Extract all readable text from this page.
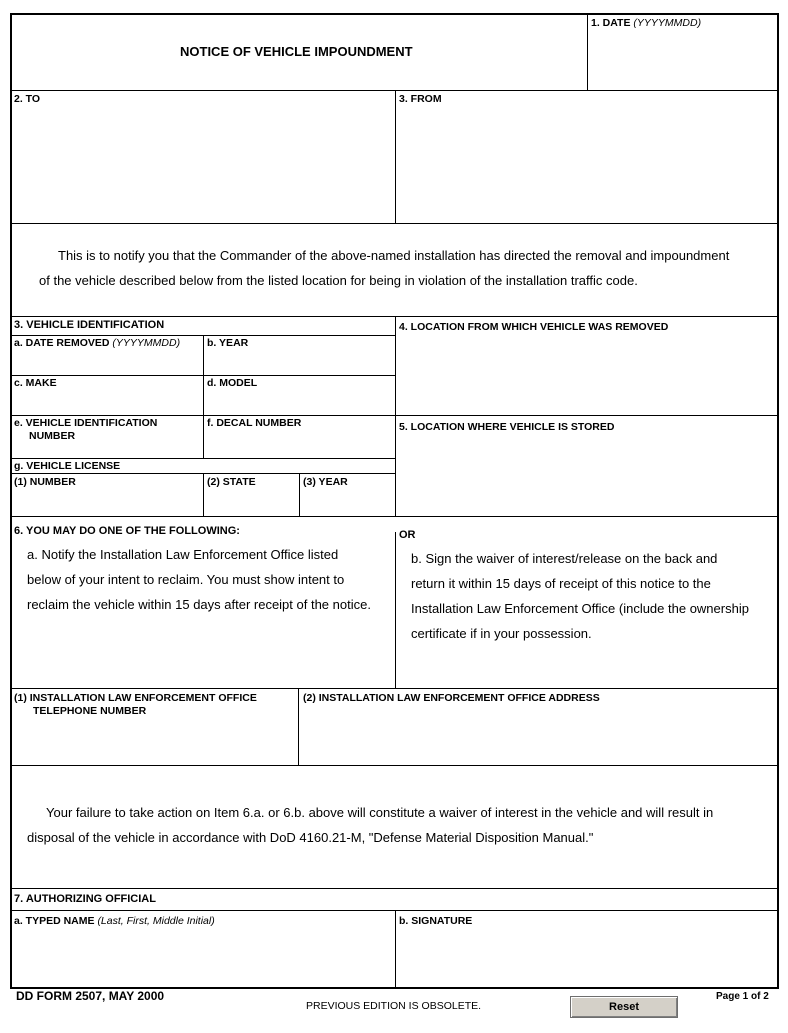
NOTICE OF VEHICLE IMPOUNDMENT
1. DATE (YYYYMMDD)
2. TO	3. FROM
This is to notify you that the Commander of the above-named installation has directed the removal and impoundment
of the vehicle described below from the listed location for being in violation of the installation traffic code.
3. VEHICLE IDENTIFICATION
a. DATE REMOVED (YYYYMMDD)	b. YEAR
c. MAKE	d. MODEL
e. VEHICLE IDENTIFICATION
NUMBER
f. DECAL NUMBER
g. VEHICLE LICENSE
(1) NUMBER	(2) STATE	(3) YEAR
4. LOCATION FROM WHICH VEHICLE WAS REMOVED
5. LOCATION WHERE VEHICLE IS STORED
6. YOU MAY DO ONE OF THE FOLLOWING:
a. Notify the Installation Law Enforcement Office listed
below of your intent to reclaim. You must show intent to
reclaim the vehicle within 15 days after receipt of the notice.
OR
b. Sign the waiver of interest/release on the back and
return it within 15 days of receipt of this notice to the
Installation Law Enforcement Office (include the ownership
certificate if in your possession.
(1) INSTALLATION LAW ENFORCEMENT OFFICE
TELEPHONE NUMBER
(2) INSTALLATION LAW ENFORCEMENT OFFICE ADDRESS
Your failure to take action on Item 6.a. or 6.b. above will constitute a waiver of interest in the vehicle and will result in
disposal of the vehicle in accordance with DoD 4160.21-M, "Defense Material Disposition Manual."
7. AUTHORIZING OFFICIAL
a. TYPED NAME (Last, First, Middle Initial)	b. SIGNATURE
DD FORM 2507, MAY 2000
PREVIOUS EDITION IS OBSOLETE.	Reset
Page 1 of 2
